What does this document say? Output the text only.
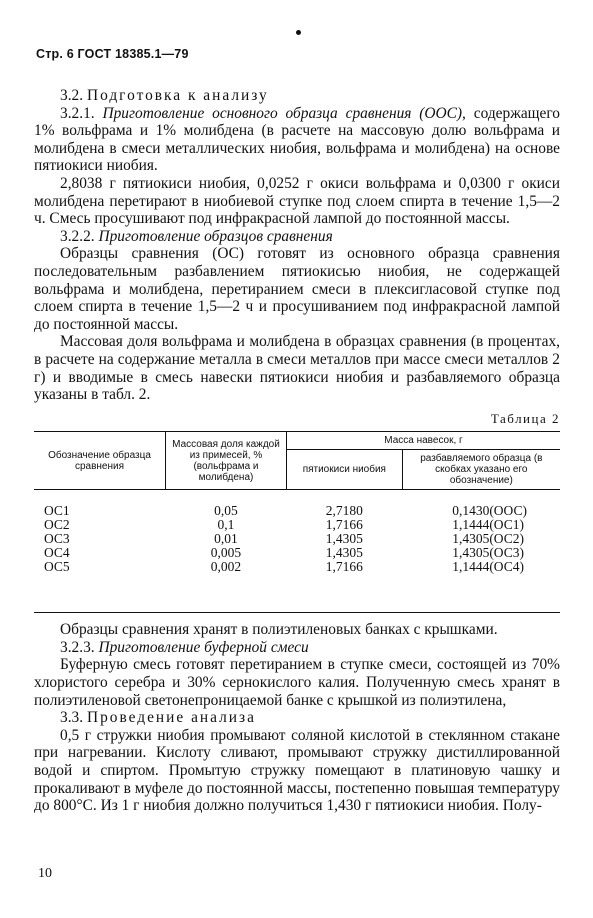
Стр. 6 ГОСТ 18385.1—79

3.2. Подготовка к анализу

3.2.1. Приготовление основного образца сравнения (ООС), содержащего 1% вольфрама и 1% молибдена (в расчете на массовую долю вольфрама и молибдена в смеси металлических ниобия, вольфрама и молибдена) на основе пятиокиси ниобия.

2,8038 г пятиокиси ниобия, 0,0252 г окиси вольфрама и 0,0300 г окиси молибдена перетирают в ниобиевой ступке под слоем спирта в течение 1,5—2 ч. Смесь просушивают под инфракрасной лампой до постоянной массы.

3.2.2. Приготовление образцов сравнения

Образцы сравнения (ОС) готовят из основного образца сравнения последовательным разбавлением пятиокисью ниобия, не содержащей вольфрама и молибдена, перетиранием смеси в плексигласовой ступке под слоем спирта в течение 1,5—2 ч и просушиванием под инфракрасной лампой до постоянной массы.

Массовая доля вольфрама и молибдена в образцах сравнения (в процентах, в расчете на содержание металла в смеси металлов при массе смеси металлов 2 г) и вводимые в смесь навески пятиокиси ниобия и разбавляемого образца указаны в табл. 2.

Таблица 2
Обозначение образца сравнения	Массовая доля каждой из примесей, % (вольфрама и молибдена)	Масса навесок, г	
		пятиокиси ниобия	разбавляемого образца (в скобках указано его обозначение)
ОС1	0,05	2,7180	0,1430(ООС)
ОС2	0,1	1,7166	1,1444(ОС1)
ОС3	0,01	1,4305	1,4305(ОС2)
ОС4	0,005	1,4305	1,4305(ОС3)
ОС5	0,002	1,7166	1,1444(ОС4)

Образцы сравнения хранят в полиэтиленовых банках с крышками.

3.2.3. Приготовление буферной смеси

Буферную смесь готовят перетиранием в ступке смеси, состоящей из 70% хлористого серебра и 30% сернокислого калия. Полученную смесь хранят в полиэтиленовой светонепроницаемой банке с крышкой из полиэтилена,

3.3. Проведение анализа

0,5 г стружки ниобия промывают соляной кислотой в стеклянном стакане при нагревании. Кислоту сливают, промывают стружку дистиллированной водой и спиртом. Промытую стружку помещают в платиновую чашку и прокаливают в муфеле до постоянной массы, постепенно повышая температуру до 800°С. Из 1 г ниобия должно получиться 1,430 г пятиокиси ниобия. Полу-

10
